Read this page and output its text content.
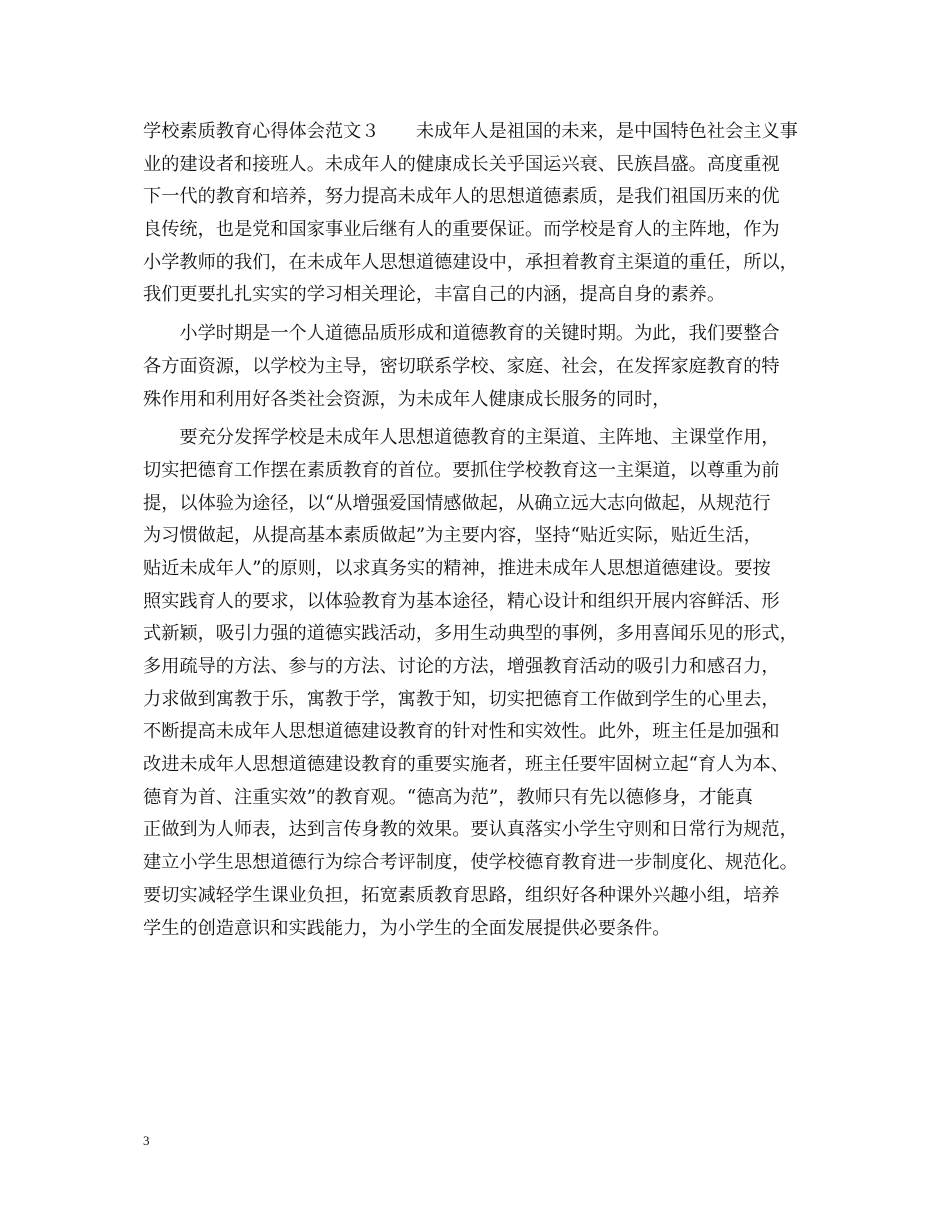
学校素质教育心得体会范文３　　未成年人是祖国的未来，是中国特色社会主义事
业的建设者和接班人。未成年人的健康成长关乎国运兴衰、民族昌盛。高度重视
下一代的教育和培养，努力提高未成年人的思想道德素质，是我们祖国历来的优
良传统，也是党和国家事业后继有人的重要保证。而学校是育人的主阵地，作为
小学教师的我们，在未成年人思想道德建设中，承担着教育主渠道的重任，所以，
我们更要扎扎实实的学习相关理论，丰富自己的内涵，提高自身的素养。
　　小学时期是一个人道德品质形成和道德教育的关键时期。为此，我们要整合
各方面资源，以学校为主导，密切联系学校、家庭、社会，在发挥家庭教育的特
殊作用和利用好各类社会资源，为未成年人健康成长服务的同时，
　　要充分发挥学校是未成年人思想道德教育的主渠道、主阵地、主课堂作用，
切实把德育工作摆在素质教育的首位。要抓住学校教育这一主渠道，以尊重为前
提，以体验为途径，以“从增强爱国情感做起，从确立远大志向做起，从规范行
为习惯做起，从提高基本素质做起”为主要内容，坚持“贴近实际，贴近生活，
贴近未成年人”的原则，以求真务实的精神，推进未成年人思想道德建设。要按
照实践育人的要求，以体验教育为基本途径，精心设计和组织开展内容鲜活、形
式新颖，吸引力强的道德实践活动，多用生动典型的事例，多用喜闻乐见的形式，
多用疏导的方法、参与的方法、讨论的方法，增强教育活动的吸引力和感召力，
力求做到寓教于乐，寓教于学，寓教于知，切实把德育工作做到学生的心里去，
不断提高未成年人思想道德建设教育的针对性和实效性。此外，班主任是加强和
改进未成年人思想道德建设教育的重要实施者，班主任要牢固树立起“育人为本、
德育为首、注重实效”的教育观。“德高为范”，教师只有先以德修身，才能真
正做到为人师表，达到言传身教的效果。要认真落实小学生守则和日常行为规范，
建立小学生思想道德行为综合考评制度，使学校德育教育进一步制度化、规范化。
要切实减轻学生课业负担，拓宽素质教育思路，组织好各种课外兴趣小组，培养
学生的创造意识和实践能力，为小学生的全面发展提供必要条件。
3
